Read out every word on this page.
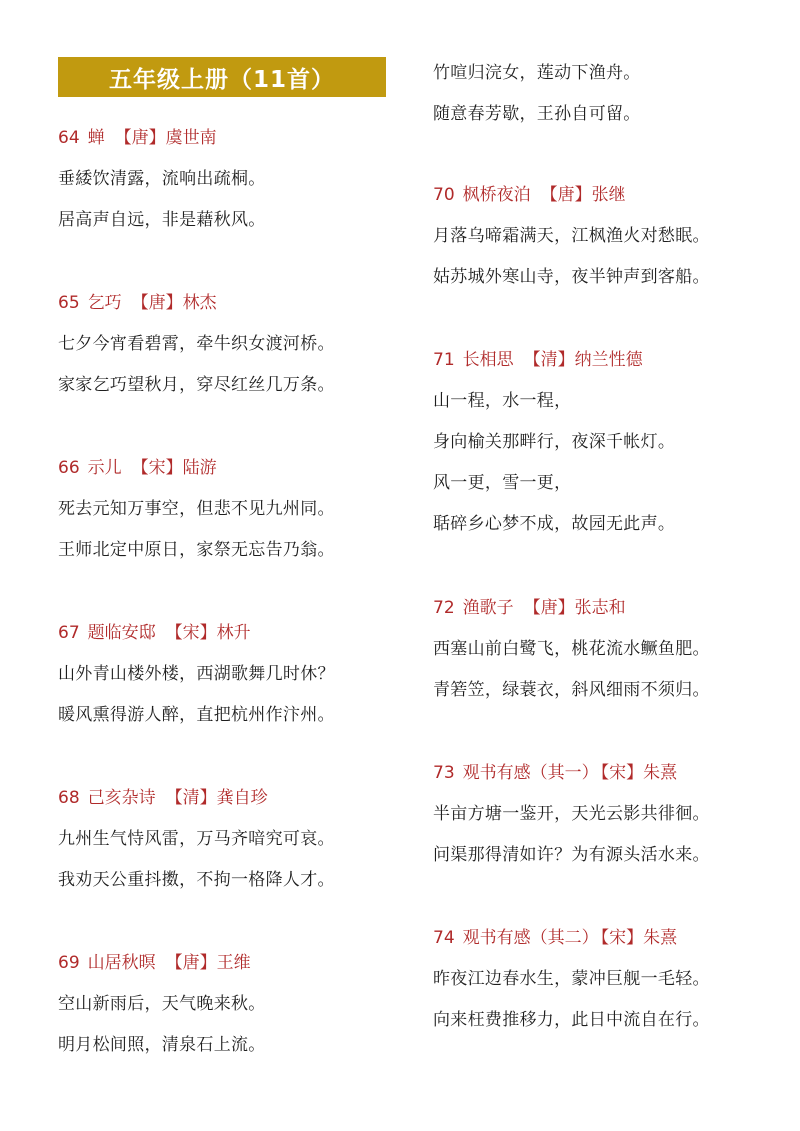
五年级上册（11首）
64 蝉 【唐】虞世南
垂緌饮清露，流响出疏桐。
居高声自远，非是藉秋风。
65 乞巧 【唐】林杰
七夕今宵看碧霄，牵牛织女渡河桥。
家家乞巧望秋月，穿尽红丝几万条。
66 示儿 【宋】陆游
死去元知万事空，但悲不见九州同。
王师北定中原日，家祭无忘告乃翁。
67 题临安邸 【宋】林升
山外青山楼外楼，西湖歌舞几时休？
暖风熏得游人醉，直把杭州作汴州。
68 己亥杂诗 【清】龚自珍
九州生气恃风雷，万马齐喑究可哀。
我劝天公重抖擞，不拘一格降人才。
69 山居秋暝 【唐】王维
空山新雨后，天气晚来秋。
明月松间照，清泉石上流。
竹喧归浣女，莲动下渔舟。
随意春芳歇，王孙自可留。
70 枫桥夜泊 【唐】张继
月落乌啼霜满天，江枫渔火对愁眠。
姑苏城外寒山寺，夜半钟声到客船。
71 长相思 【清】纳兰性德
山一程，水一程，
身向榆关那畔行，夜深千帐灯。
风一更，雪一更，
聒碎乡心梦不成，故园无此声。
72 渔歌子 【唐】张志和
西塞山前白鹭飞，桃花流水鳜鱼肥。
青箬笠，绿蓑衣，斜风细雨不须归。
73 观书有感（其一） 【宋】朱熹
半亩方塘一鉴开，天光云影共徘徊。
问渠那得清如许？为有源头活水来。
74 观书有感（其二） 【宋】朱熹
昨夜江边春水生，蒙冲巨舰一毛轻。
向来枉费推移力，此日中流自在行。
